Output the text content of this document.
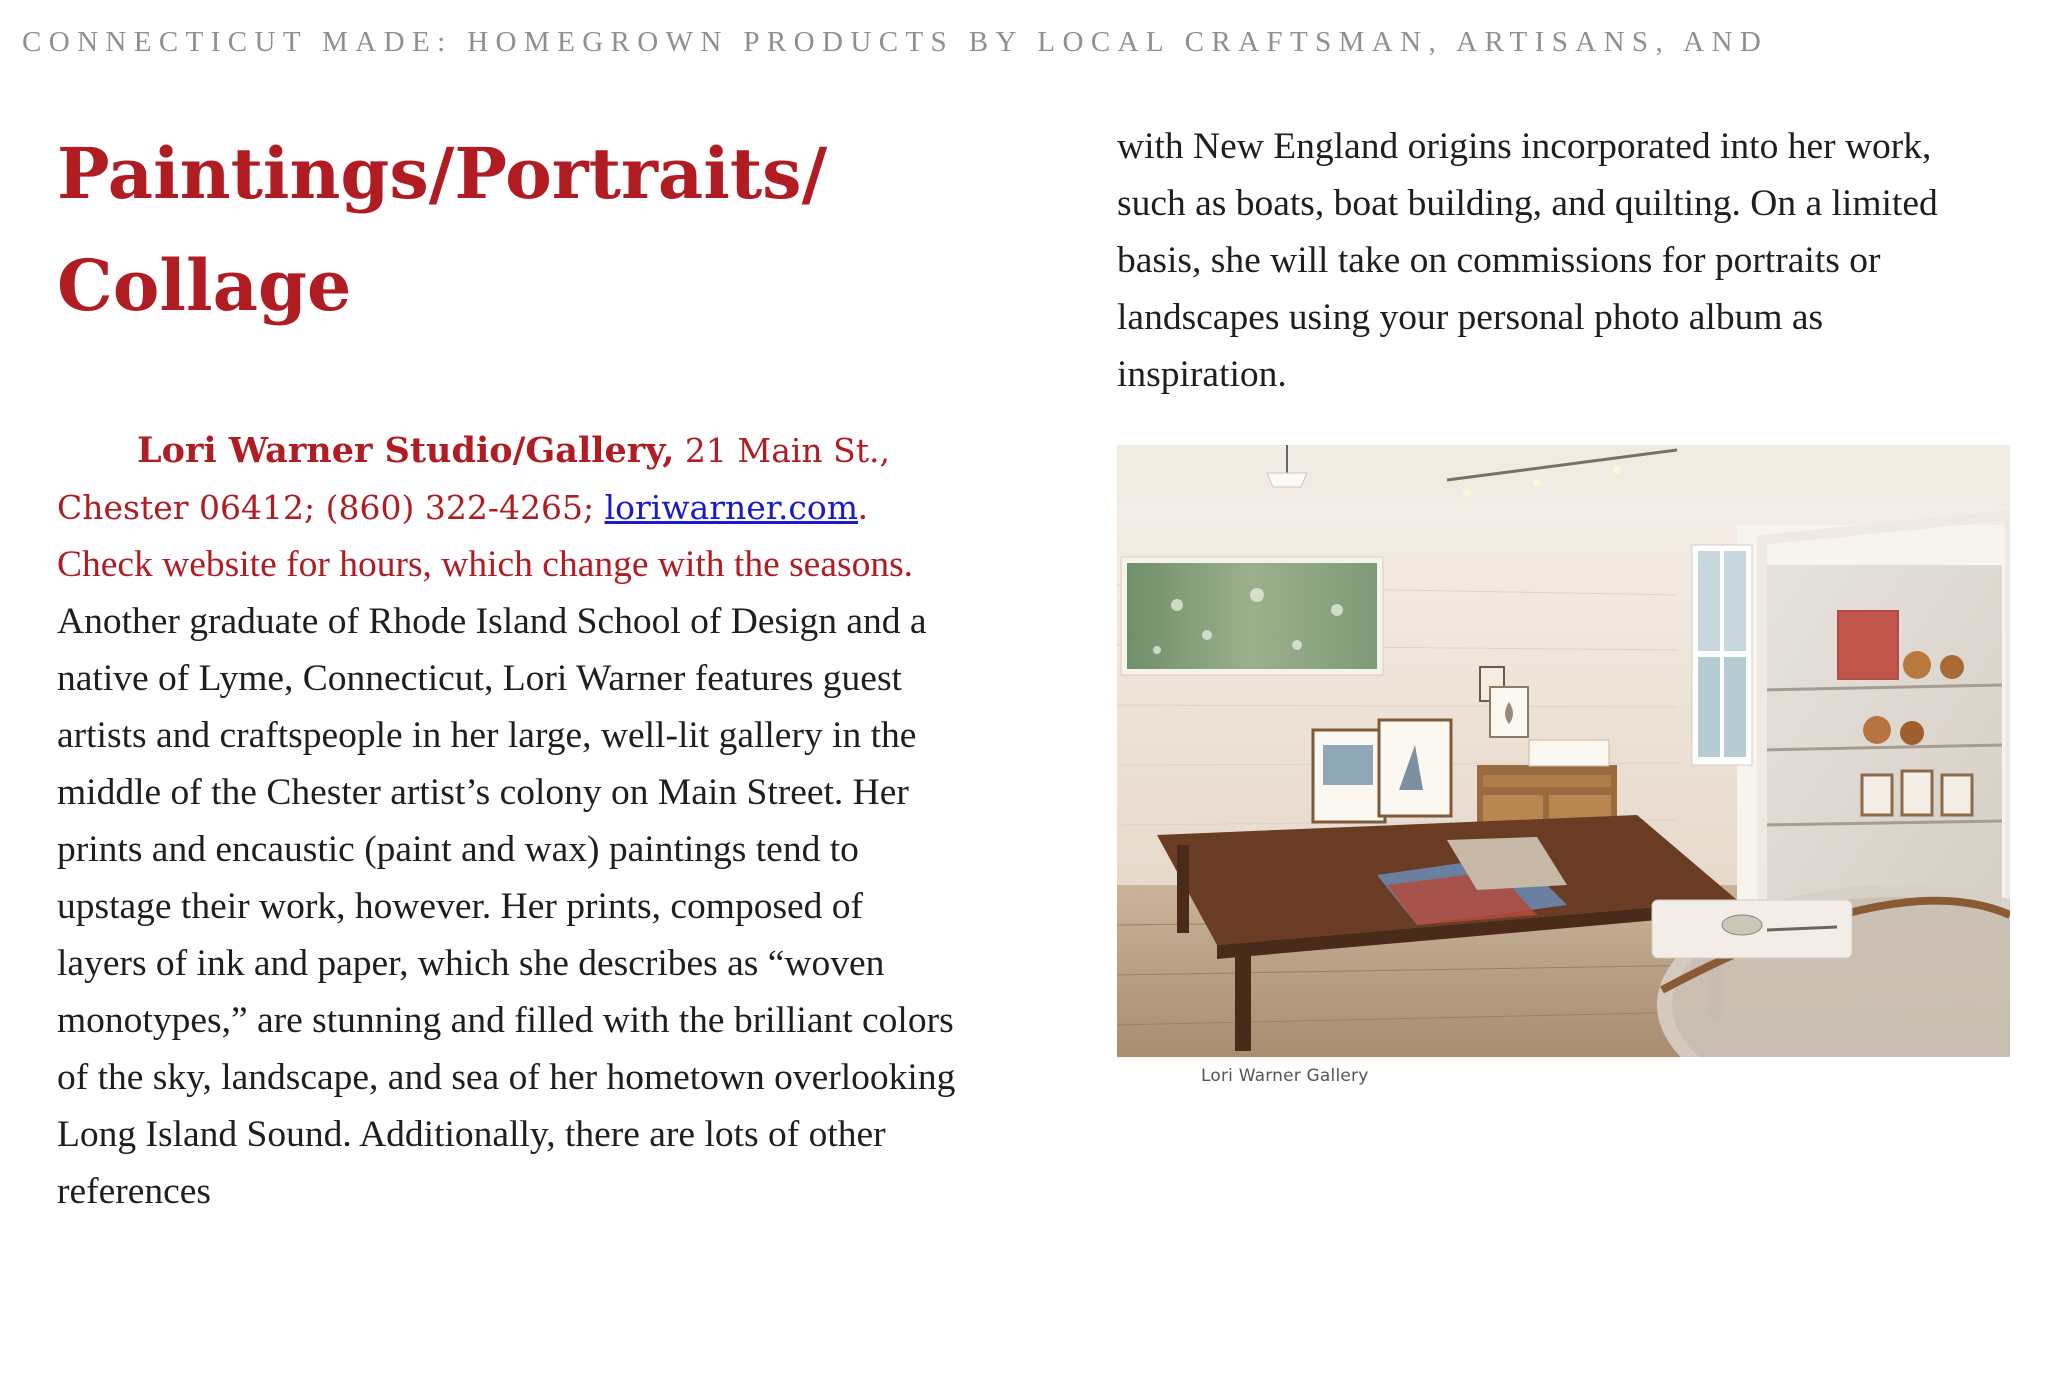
CONNECTICUT MADE: HOMEGROWN PRODUCTS BY LOCAL CRAFTSMAN, ARTISANS, AND
Paintings/Portraits/
Collage

Lori Warner Studio/Gallery, 21 Main St., Chester 06412; (860) 322-4265; loriwarner.com. Check website for hours, which change with the seasons. Another graduate of Rhode Island School of Design and a native of Lyme, Connecticut, Lori Warner features guest artists and craftspeople in her large, well-lit gallery in the middle of the Chester artist’s colony on Main Street. Her prints and encaustic (paint and wax) paintings tend to upstage their work, however. Her prints, composed of layers of ink and paper, which she describes as “woven monotypes,” are stunning and filled with the brilliant colors of the sky, landscape, and sea of her hometown overlooking Long Island Sound. Additionally, there are lots of other references

with New England origins incorporated into her work, such as boats, boat building, and quilting. On a limited basis, she will take on commissions for portraits or landscapes using your personal photo album as inspiration.

Lori Warner Gallery
